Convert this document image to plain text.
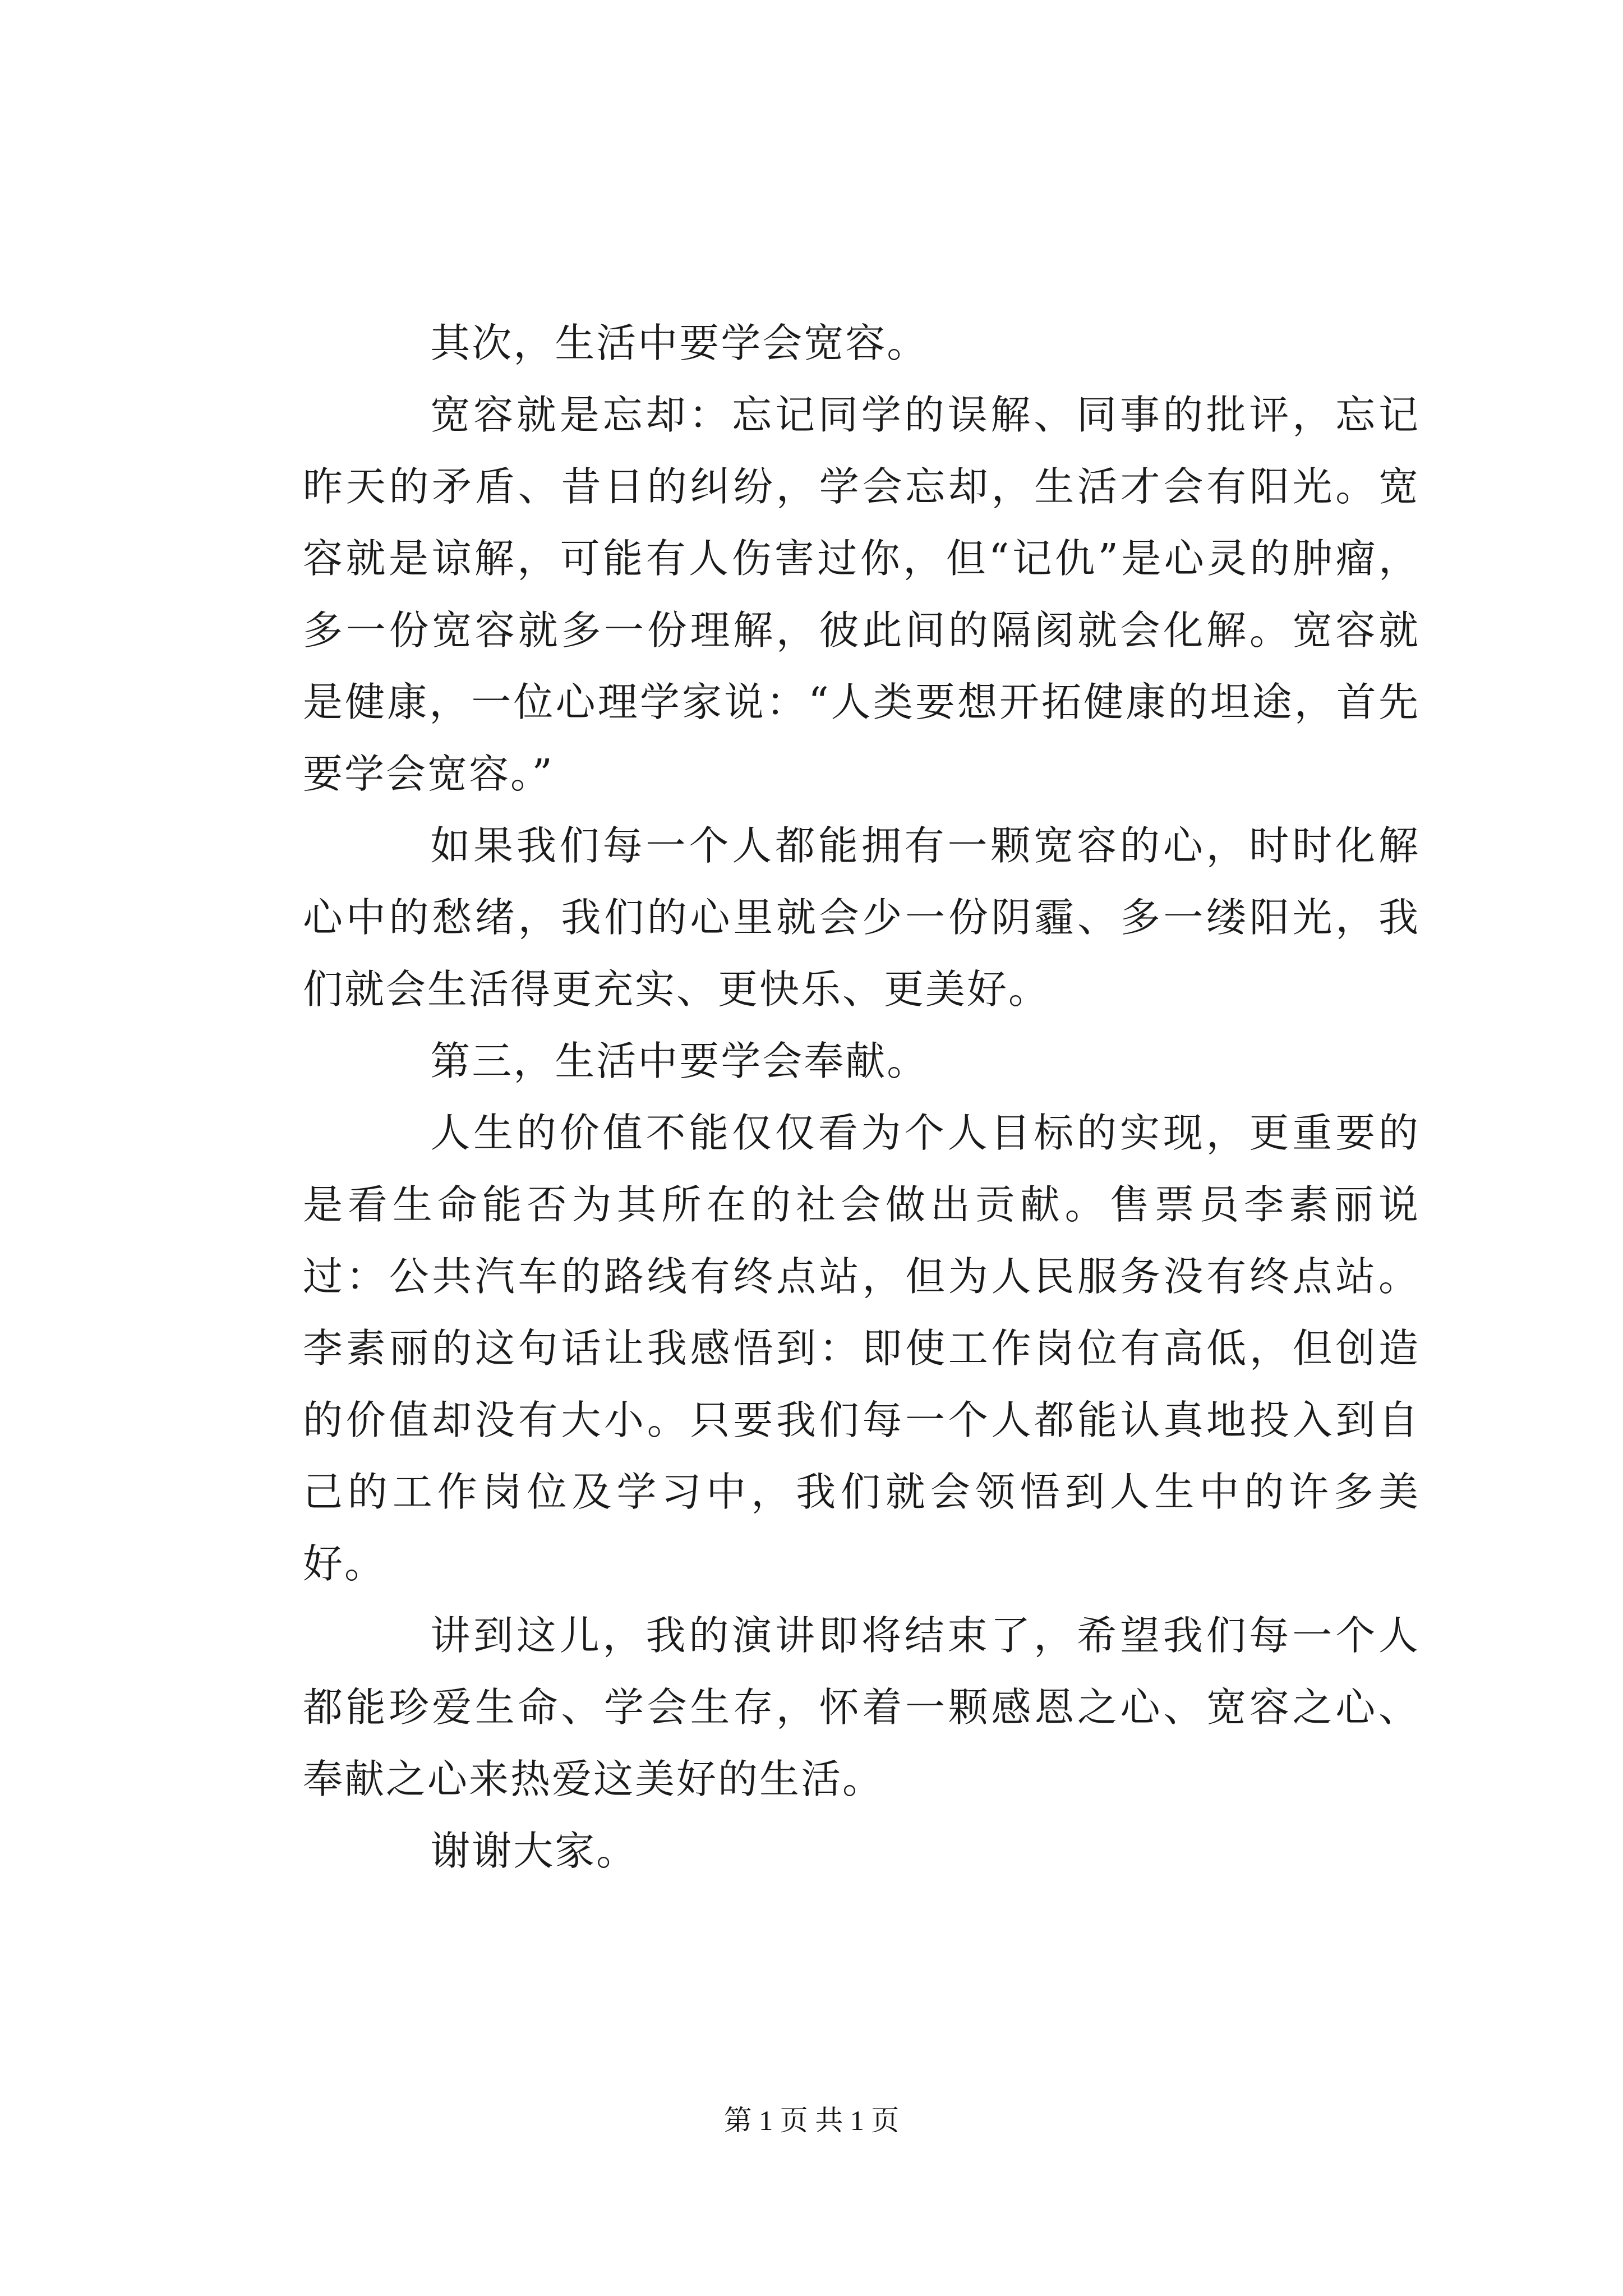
其次，生活中要学会宽容。

宽容就是忘却：忘记同学的误解、同事的批评，忘记昨天的矛盾、昔日的纠纷，学会忘却，生活才会有阳光。宽容就是谅解，可能有人伤害过你，但“记仇”是心灵的肿瘤，多一份宽容就多一份理解，彼此间的隔阂就会化解。宽容就是健康，一位心理学家说：“人类要想开拓健康的坦途，首先要学会宽容。”

如果我们每一个人都能拥有一颗宽容的心，时时化解心中的愁绪，我们的心里就会少一份阴霾、多一缕阳光，我们就会生活得更充实、更快乐、更美好。

第三，生活中要学会奉献。

人生的价值不能仅仅看为个人目标的实现，更重要的是看生命能否为其所在的社会做出贡献。售票员李素丽说过：公共汽车的路线有终点站，但为人民服务没有终点站。李素丽的这句话让我感悟到：即使工作岗位有高低，但创造的价值却没有大小。只要我们每一个人都能认真地投入到自己的工作岗位及学习中，我们就会领悟到人生中的许多美好。

讲到这儿，我的演讲即将结束了，希望我们每一个人都能珍爱生命、学会生存，怀着一颗感恩之心、宽容之心、奉献之心来热爱这美好的生活。

谢谢大家。

第 1 页 共 1 页
